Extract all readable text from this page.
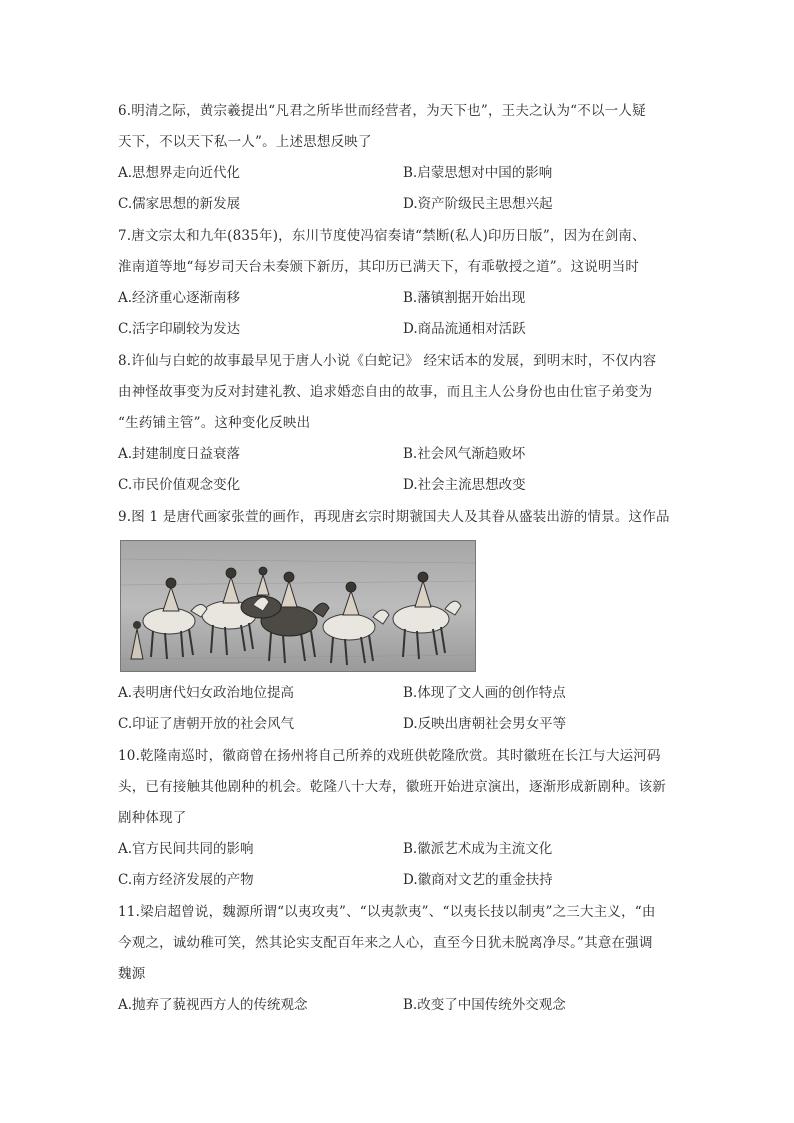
6.明清之际，黄宗羲提出“凡君之所毕世而经营者，为天下也”，王夫之认为“不以一人疑
天下，不以天下私一人”。上述思想反映了
A.思想界走向近代化	B.启蒙思想对中国的影响
C.儒家思想的新发展	D.资产阶级民主思想兴起
7.唐文宗太和九年(835年)，东川节度使冯宿奏请“禁断(私人)印历日版”，因为在剑南、
淮南道等地“每岁司天台未奏颁下新历，其印历已满天下，有乖敬授之道”。这说明当时
A.经济重心逐渐南移	B.藩镇割据开始出现
C.活字印刷较为发达	D.商品流通相对活跃
8.许仙与白蛇的故事最早见于唐人小说《白蛇记》 经宋话本的发展，到明末时，不仅内容
由神怪故事变为反对封建礼教、追求婚恋自由的故事，而且主人公身份也由仕宦子弟变为
“生药铺主管”。这种变化反映出
A.封建制度日益衰落	B.社会风气渐趋败坏
C.市民价值观念变化	D.社会主流思想改变
9.图 1 是唐代画家张萱的画作，再现唐玄宗时期虢国夫人及其眷从盛装出游的情景。这作品
A.表明唐代妇女政治地位提高	B.体现了文人画的创作特点
C.印证了唐朝开放的社会风气	D.反映出唐朝社会男女平等
10.乾隆南巡时，徽商曾在扬州将自己所养的戏班供乾隆欣赏。其时徽班在长江与大运河码
头，已有接触其他剧种的机会。乾隆八十大寿，徽班开始进京演出，逐渐形成新剧种。该新
剧种体现了
A.官方民间共同的影响	B.徽派艺术成为主流文化
C.南方经济发展的产物	D.徽商对文艺的重金扶持
11.梁启超曾说，魏源所谓“以夷攻夷”、“以夷款夷”、“以夷长技以制夷”之三大主义，“由
今观之，诚幼稚可笑，然其论实支配百年来之人心，直至今日犹未脱离净尽。”其意在强调
魏源
A.抛弃了藐视西方人的传统观念	B.改变了中国传统外交观念
